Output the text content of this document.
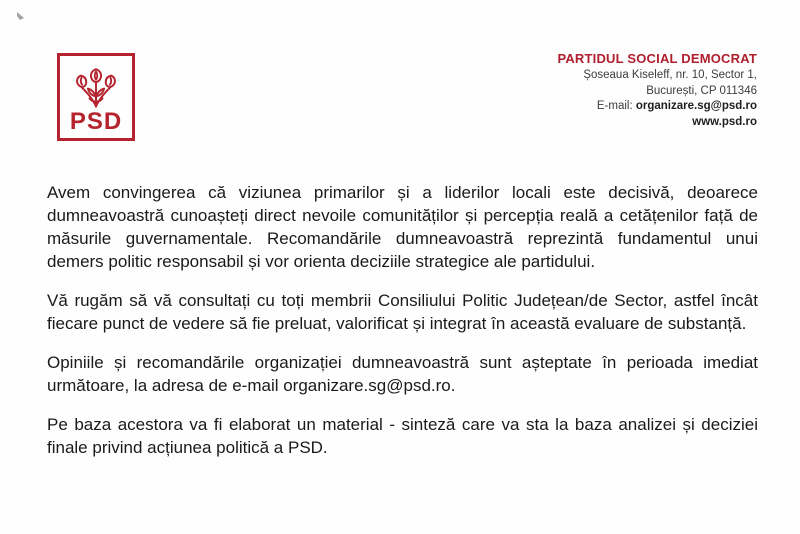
PSD
PARTIDUL SOCIAL DEMOCRAT
Șoseaua Kiseleff, nr. 10, Sector 1,
București, CP 011346
E-mail: organizare.sg@psd.ro
www.psd.ro

Avem convingerea că viziunea primarilor și a liderilor locali este decisivă, deoarece dumneavoastră cunoașteți direct nevoile comunităților și percepția reală a cetățenilor față de măsurile guvernamentale. Recomandările dumneavoastră reprezintă fundamentul unui demers politic responsabil și vor orienta deciziile strategice ale partidului.

Vă rugăm să vă consultați cu toți membrii Consiliului Politic Județean/de Sector, astfel încât fiecare punct de vedere să fie preluat, valorificat și integrat în această evaluare de substanță.

Opiniile și recomandările organizației dumneavoastră sunt așteptate în perioada imediat următoare, la adresa de e-mail organizare.sg@psd.ro.

Pe baza acestora va fi elaborat un material - sinteză care va sta la baza analizei și deciziei finale privind acțiunea politică a PSD.
